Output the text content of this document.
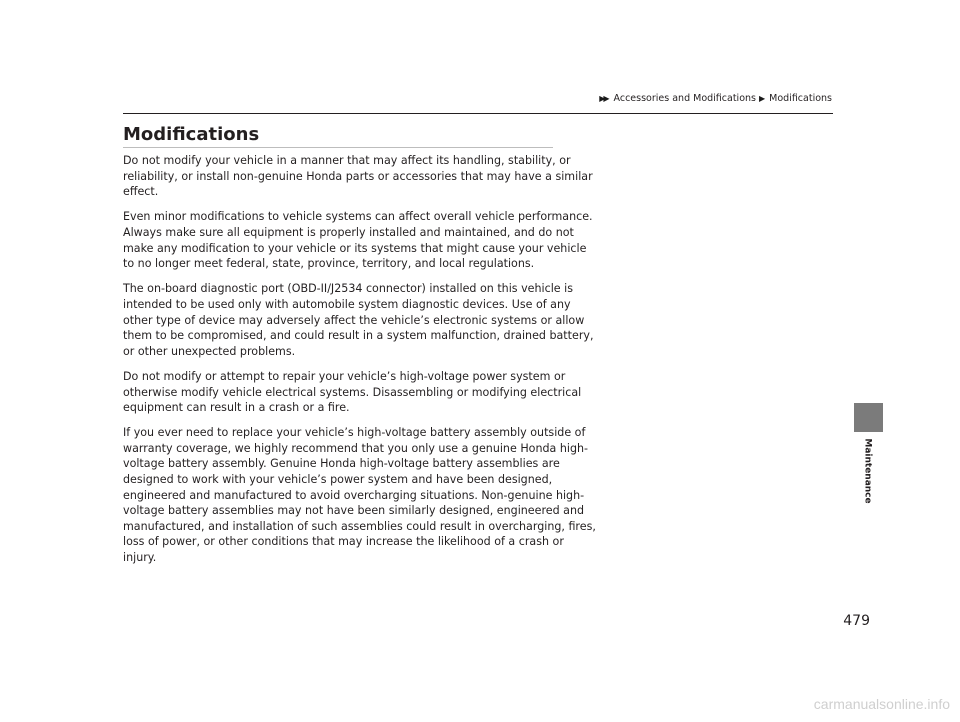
▶▶ Accessories and Modifications ▶ Modifications
Modifications

Do not modify your vehicle in a manner that may affect its handling, stability, or
reliability, or install non-genuine Honda parts or accessories that may have a similar
effect.

Even minor modifications to vehicle systems can affect overall vehicle performance.
Always make sure all equipment is properly installed and maintained, and do not
make any modification to your vehicle or its systems that might cause your vehicle
to no longer meet federal, state, province, territory, and local regulations.

The on-board diagnostic port (OBD-II/J2534 connector) installed on this vehicle is
intended to be used only with automobile system diagnostic devices. Use of any
other type of device may adversely affect the vehicle’s electronic systems or allow
them to be compromised, and could result in a system malfunction, drained battery,
or other unexpected problems.

Do not modify or attempt to repair your vehicle’s high-voltage power system or
otherwise modify vehicle electrical systems. Disassembling or modifying electrical
equipment can result in a crash or a fire.

If you ever need to replace your vehicle’s high-voltage battery assembly outside of
warranty coverage, we highly recommend that you only use a genuine Honda high-
voltage battery assembly. Genuine Honda high-voltage battery assemblies are
designed to work with your vehicle’s power system and have been designed,
engineered and manufactured to avoid overcharging situations. Non-genuine high-
voltage battery assemblies may not have been similarly designed, engineered and
manufactured, and installation of such assemblies could result in overcharging, fires,
loss of power, or other conditions that may increase the likelihood of a crash or
injury.

Maintenance
479
carmanualsonline.info
